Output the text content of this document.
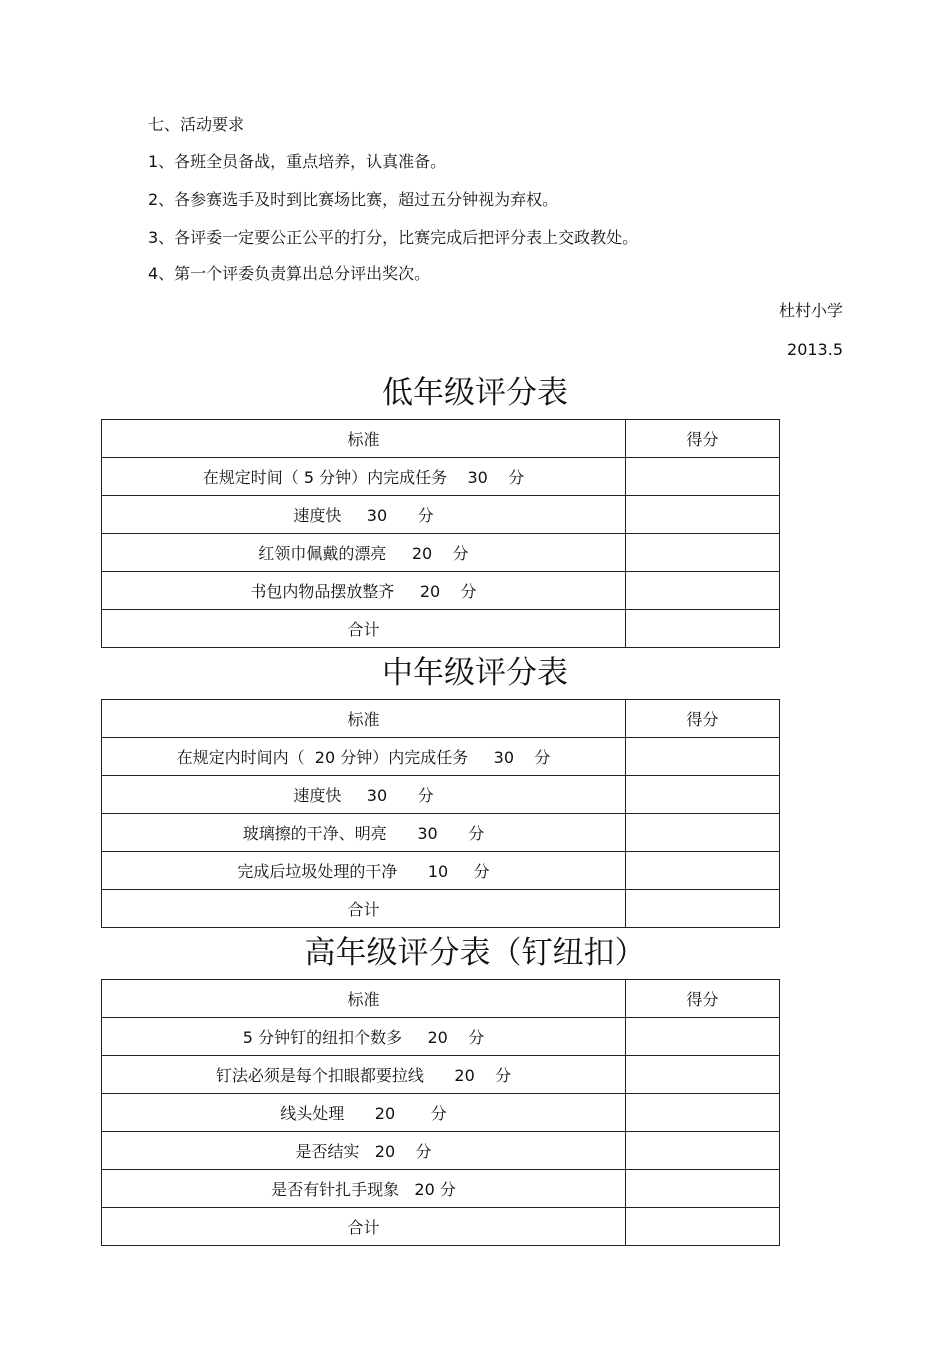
七、活动要求
1、各班全员备战，重点培养，认真准备。
2、各参赛选手及时到比赛场比赛，超过五分钟视为弃权。
3、各评委一定要公正公平的打分，比赛完成后把评分表上交政教处。
4、第一个评委负责算出总分评出奖次。
杜村小学
2013.5
低年级评分表
标准	得分
在规定时间（ 5 分钟）内完成任务    30    分	
速度快     30      分	
红领巾佩戴的漂亮     20    分	
书包内物品摆放整齐     20    分	
合计	
中年级评分表
标准	得分
在规定内时间内（  20 分钟）内完成任务     30    分	
速度快     30      分	
玻璃擦的干净、明亮      30      分	
完成后垃圾处理的干净      10     分	
合计	
高年级评分表（钉纽扣）
标准	得分
5 分钟钉的纽扣个数多     20    分	
钉法必须是每个扣眼都要拉线      20    分	
线头处理      20       分	
是否结实   20    分	
是否有针扎手现象   20 分	
合计	
